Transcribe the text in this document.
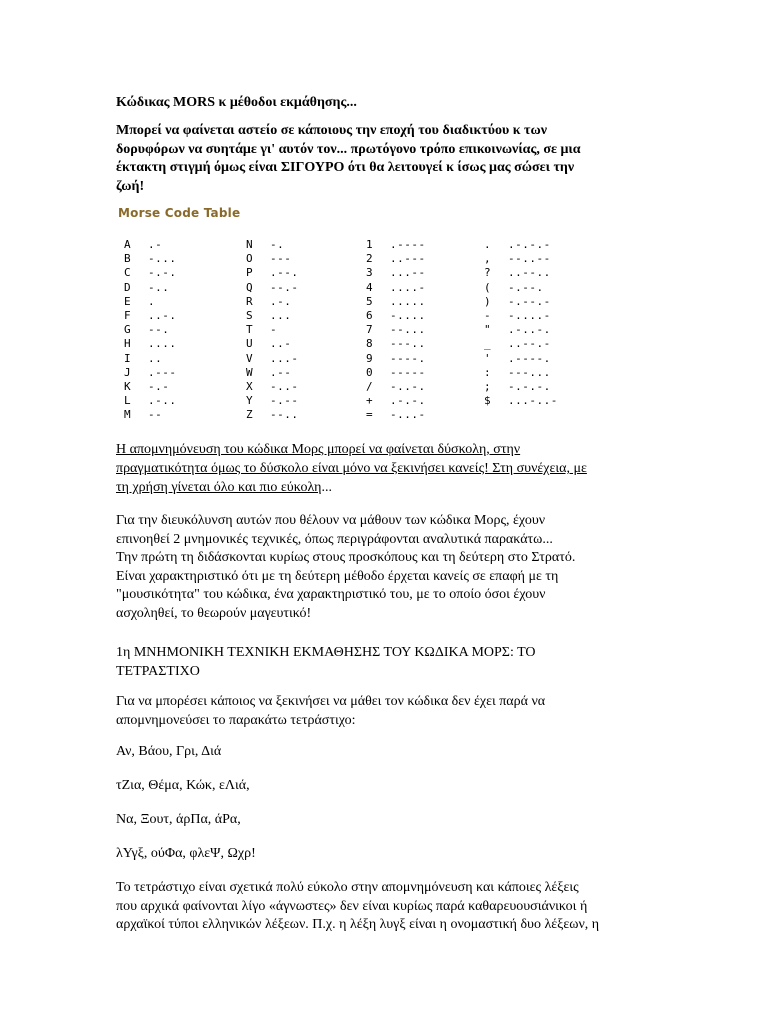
Κώδικας MORS κ μέθοδοι εκμάθησης...
Μπορεί να φαίνεται αστείο σε κάποιους την εποχή του διαδικτύου κ των
δορυφόρων να συητάμε γι' αυτόν τον... πρωτόγονο τρόπο επικοινωνίας, σε μια
έκτακτη στιγμή όμως είναι ΣΙΓΟΥΡΟ ότι θα λειτουγεί κ ίσως μας σώσει την
ζωή!
Morse Code Table
A	.-
B	-...
C	-.-.
D	-..
E	.
F	..-.
G	--.
H	....
I	..
J	.---
K	-.-
L	.-..
M	--
N	-.
O	---
P	.--.
Q	--.-
R	.-.
S	...
T	-
U	..-
V	...-
W	.--
X	-..-
Y	-.--
Z	--..
1	.----
2	..---
3	...--
4	....-
5	.....
6	-....
7	--...
8	---..
9	----.
0	-----
/	-..-.
+	.-.-.
=	-...-
.	.-.-.-
,	--..--
?	..--..
(	-.--.
)	-.--.-
-	-....-
"	.-..-.
_	..--.-
'	.----.
:	---...
;	-.-.-.
$	...-..-
Η απομνημόνευση του κώδικα Μορς μπορεί να φαίνεται δύσκολη, στην
πραγματικότητα όμως το δύσκολο είναι μόνο να ξεκινήσει κανείς! Στη συνέχεια, με
τη χρήση γίνεται όλο και πιο εύκολη...
Για την διευκόλυνση αυτών που θέλουν να μάθουν των κώδικα Μορς, έχουν
επινοηθεί 2 μνημονικές τεχνικές, όπως περιγράφονται αναλυτικά παρακάτω...
Την πρώτη τη διδάσκονται κυρίως στους προσκόπους και τη δεύτερη στο Στρατό.
Είναι χαρακτηριστικό ότι με τη δεύτερη μέθοδο έρχεται κανείς σε επαφή με τη
"μουσικότητα" του κώδικα, ένα χαρακτηριστικό του, με το οποίο όσοι έχουν
ασχοληθεί, το θεωρούν μαγευτικό!
1η ΜΝΗΜΟΝΙΚΗ ΤΕΧΝΙΚΗ ΕΚΜΑΘΗΣΗΣ ΤΟΥ ΚΩΔΙΚΑ ΜΟΡΣ: ΤΟ
ΤΕΤΡΑΣΤΙΧΟ
Για να μπορέσει κάποιος να ξεκινήσει να μάθει τον κώδικα δεν έχει παρά να
απομνημονεύσει το παρακάτω τετράστιχο:
Αν, Βάου, Γρι, Διά
τΖια, Θέμα, Κώκ, εΛιά,
Να, Ξουτ, άρΠα, άΡα,
λΥγξ, ούΦα, φλεΨ, Ωχρ!
Το τετράστιχο είναι σχετικά πολύ εύκολο στην απομνημόνευση και κάποιες λέξεις
που αρχικά φαίνονται λίγο «άγνωστες» δεν είναι κυρίως παρά καθαρευουσιάνικοι ή
αρχαϊκοί τύποι ελληνικών λέξεων. Π.χ. η λέξη λυγξ είναι η ονομαστική δυο λέξεων, η
